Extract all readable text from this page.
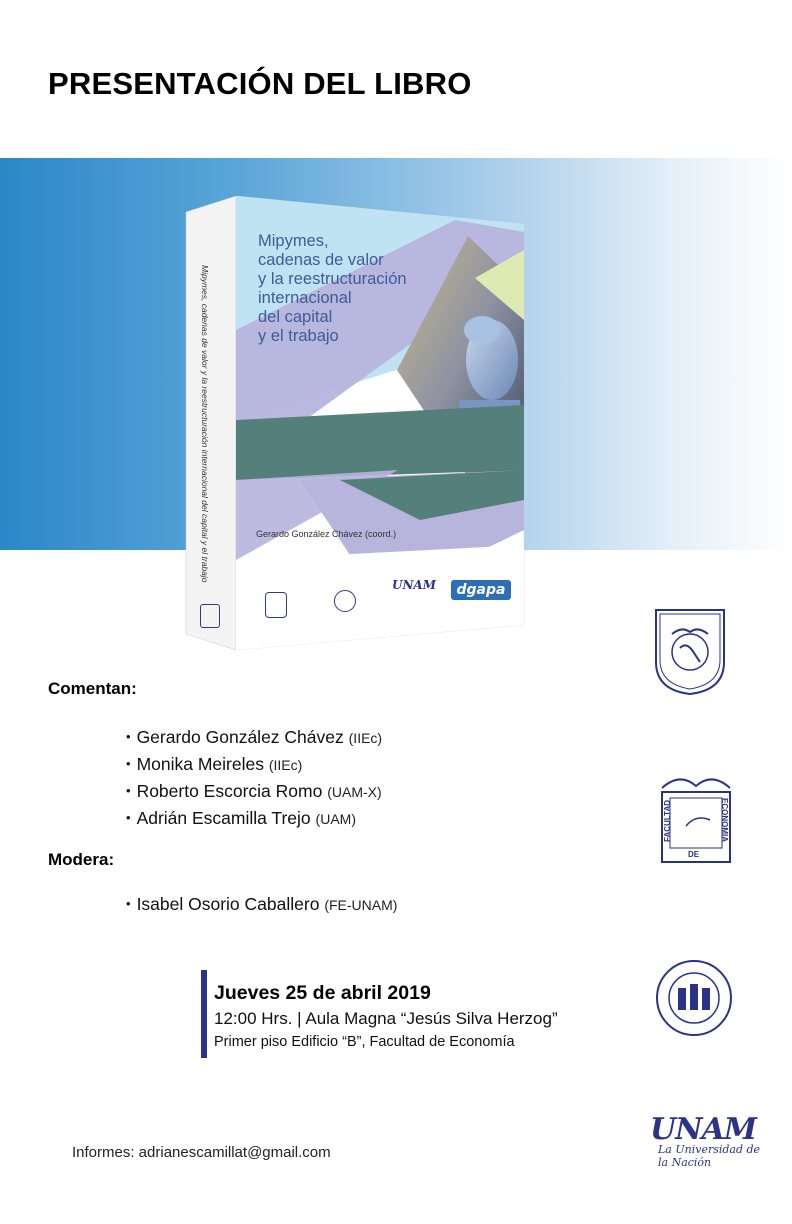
PRESENTACIÓN DEL LIBRO
Mipymes,
cadenas de valor
y la reestructuración
internacional
del capital
y el trabajo
Gerardo González Chávez (coord.)
Mipymes, cadenas de valor y la reestructuración internacional del capital y el trabajo
UNAM	dgapa
Comentan:
• Gerardo González Chávez (IIEc)
• Monika Meireles (IIEc)
• Roberto Escorcia Romo (UAM-X)
• Adrián Escamilla Trejo (UAM)
Modera:
• Isabel Osorio Caballero (FE-UNAM)
Jueves 25 de abril 2019
12:00 Hrs. | Aula Magna “Jesús Silva Herzog”
Primer piso Edificio “B”, Facultad de Economía
FACULTAD	ECONOMIA
DE
UNAM
La Universidad de la Nación
Informes: adrianescamillat@gmail.com
